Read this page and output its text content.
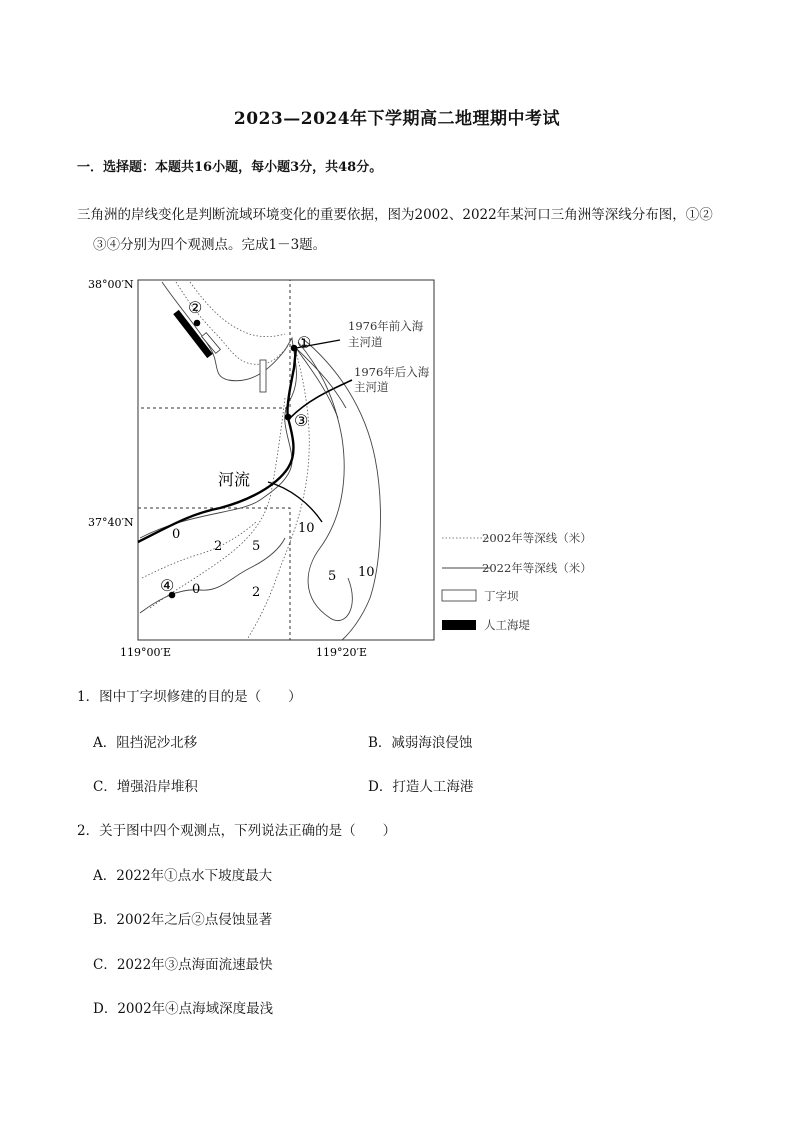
2023—2024年下学期高二地理期中考试
一．选择题：本题共16小题，每小题3分，共48分。
三角洲的岸线变化是判断流域环境变化的重要依据，图为2002、2022年某河口三角洲等深线分布图，①②
③④分别为四个观测点。完成1－3题。
②
①
③
④
1976年前入海
主河道
1976年后入海
主河道
河流
0
2 5
10
0	2
5 10
38°00′N
37°40′N
119°00′E	119°20′E
2002年等深线（米）
2022年等深线（米）
丁字坝
人工海堤
1．图中丁字坝修建的目的是（　　）
A．阻挡泥沙北移	B．减弱海浪侵蚀
C．增强沿岸堆积	D．打造人工海港
2．关于图中四个观测点，下列说法正确的是（　　）
A．2022年①点水下坡度最大
B．2002年之后②点侵蚀显著
C．2022年③点海面流速最快
D．2002年④点海域深度最浅
